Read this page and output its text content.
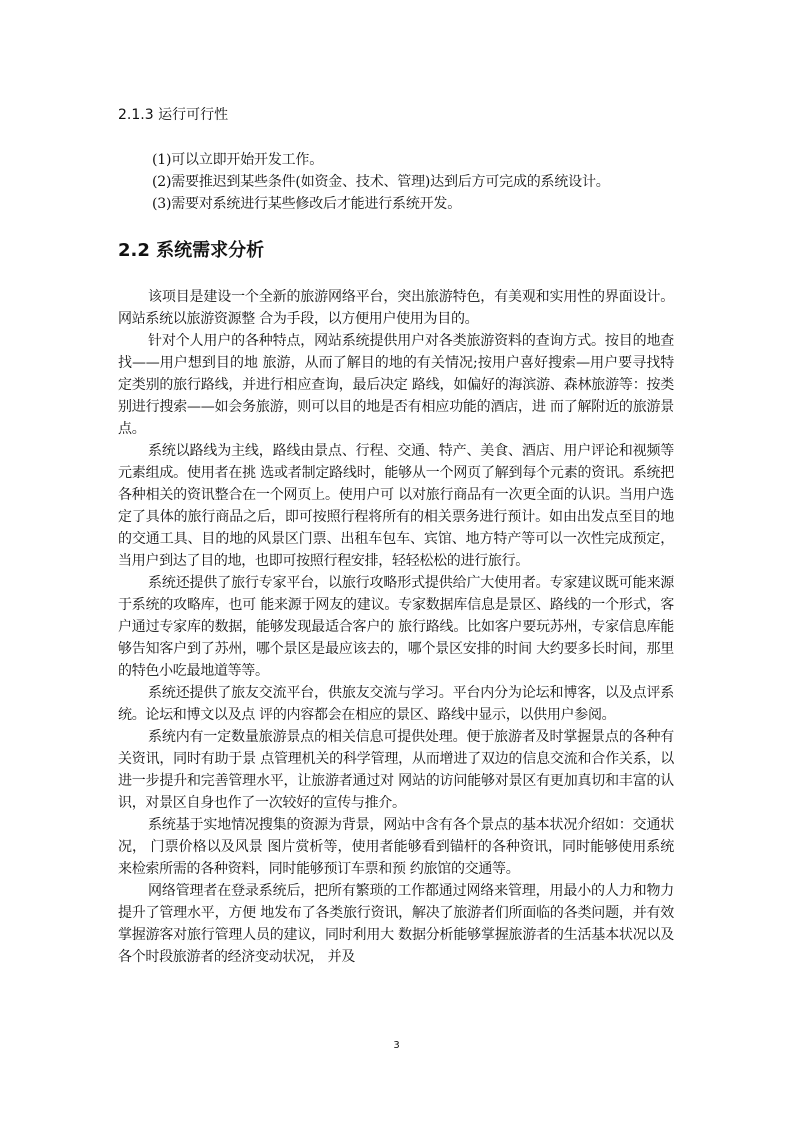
2.1.3 运行可行性
(1)可以立即开始开发工作。
(2)需要推迟到某些条件(如资金、技术、管理)达到后方可完成的系统设计。
(3)需要对系统进行某些修改后才能进行系统开发。
2.2 系统需求分析

该项目是建设一个全新的旅游网络平台，突出旅游特色，有美观和实用性的界面设计。网站系统以旅游资源整 合为手段，以方便用户使用为目的。

针对个人用户的各种特点，网站系统提供用户对各类旅游资料的查询方式。按目的地查找——用户想到目的地 旅游，从而了解目的地的有关情况;按用户喜好搜索—用户要寻找特定类别的旅行路线，并进行相应查询，最后决定 路线，如偏好的海滨游、森林旅游等：按类别进行搜索——如会务旅游，则可以目的地是否有相应功能的酒店，进 而了解附近的旅游景点。

系统以路线为主线，路线由景点、行程、交通、特产、美食、酒店、用户评论和视频等元素组成。使用者在挑 选或者制定路线时，能够从一个网页了解到每个元素的资讯。系统把各种相关的资讯整合在一个网页上。使用户可 以对旅行商品有一次更全面的认识。当用户选定了具体的旅行商品之后，即可按照行程将所有的相关票务进行预计。如由出发点至目的地的交通工具、目的地的风景区门票、出租车包车、宾馆、地方特产等可以一次性完成预定，当用户到达了目的地，也即可按照行程安排，轻轻松松的进行旅行。

系统还提供了旅行专家平台，以旅行攻略形式提供给广大使用者。专家建议既可能来源于系统的攻略库，也可 能来源于网友的建议。专家数据库信息是景区、路线的一个形式，客户通过专家库的数据，能够发现最适合客户的 旅行路线。比如客户要玩苏州，专家信息库能够告知客户到了苏州，哪个景区是最应该去的，哪个景区安排的时间 大约要多长时间，那里的特色小吃最地道等等。

系统还提供了旅友交流平台，供旅友交流与学习。平台内分为论坛和博客，以及点评系统。论坛和博文以及点 评的内容都会在相应的景区、路线中显示，以供用户参阅。

系统内有一定数量旅游景点的相关信息可提供处理。便于旅游者及时掌握景点的各种有关资讯，同时有助于景 点管理机关的科学管理，从而增进了双边的信息交流和合作关系，以进一步提升和完善管理水平，让旅游者通过对 网站的访问能够对景区有更加真切和丰富的认识，对景区自身也作了一次较好的宣传与推介。

系统基于实地情况搜集的资源为背景，网站中含有各个景点的基本状况介绍如：交通状况， 门票价格以及风景 图片赏析等，使用者能够看到锚杆的各种资讯，同时能够使用系统来检索所需的各种资料，同时能够预订车票和预 约旅馆的交通等。

网络管理者在登录系统后，把所有繁琐的工作都通过网络来管理，用最小的人力和物力提升了管理水平，方便 地发布了各类旅行资讯，解决了旅游者们所面临的各类问题，并有效掌握游客对旅行管理人员的建议，同时利用大 数据分析能够掌握旅游者的生活基本状况以及各个时段旅游者的经济变动状况， 并及

3
